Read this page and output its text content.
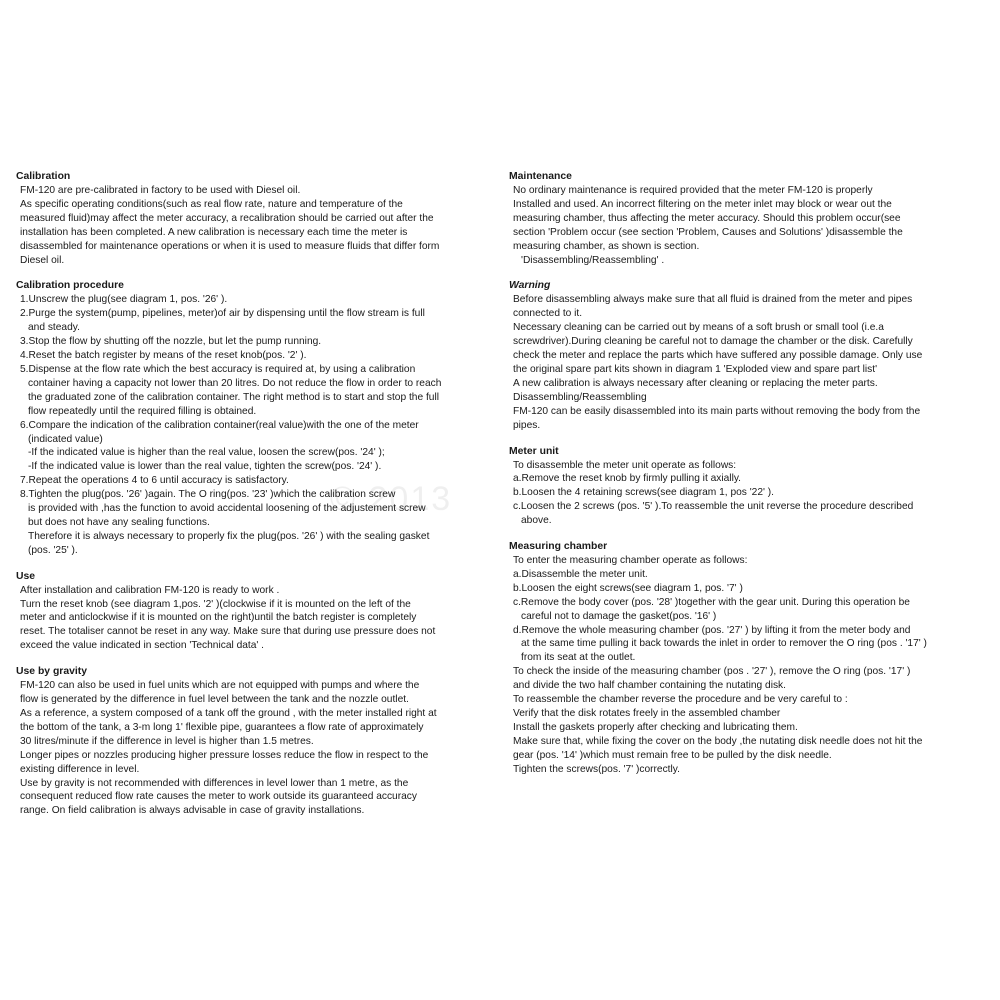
Calibration
FM-120 are pre-calibrated in factory to be used with Diesel oil.
As specific operating conditions(such as real flow rate, nature and temperature of the
measured fluid)may affect the meter accuracy, a recalibration should be carried out after the
installation has been completed. A new calibration is necessary each time the meter is
disassembled for maintenance operations or when it is used to measure fluids that differ form
Diesel oil.
Calibration procedure
1.Unscrew the plug(see diagram 1, pos. '26' ).
2.Purge the system(pump, pipelines, meter)of air by dispensing until the flow stream is full
and steady.
3.Stop the flow by shutting off the nozzle, but let the pump running.
4.Reset the batch register by means of the reset knob(pos. '2' ).
5.Dispense at the flow rate which the best accuracy is required at, by using a calibration
container having a capacity not lower than 20 litres. Do not reduce the flow in order to reach
the graduated zone of the calibration container. The right method is to start and stop the full
flow repeatedly until the required filling is obtained.
6.Compare the indication of the calibration container(real value)with the one of the meter
(indicated value)
-If the indicated value is higher than the real value, loosen the screw(pos. '24' );
-If the indicated value is lower than the real value, tighten the screw(pos. '24' ).
7.Repeat the operations 4 to 6 until accuracy is satisfactory.
8.Tighten the plug(pos. '26' )again. The O ring(pos. '23' )which the calibration screw
is provided with ,has the function to avoid accidental loosening of the adjustement screw
but does not have any sealing functions.
Therefore it is always necessary to properly fix the plug(pos. '26' ) with the sealing gasket
(pos. '25' ).
Use
After installation and calibration FM-120 is ready to work .
Turn the reset knob (see diagram 1,pos. '2' )(clockwise if it is mounted on the left of the
meter and anticlockwise if it is mounted on the right)until the batch register is completely
reset. The totaliser cannot be reset in any way. Make sure that during use pressure does not
exceed the value indicated in section 'Technical data' .
Use by gravity
FM-120 can also be used in fuel units which are not equipped with pumps and where the
flow is generated by the difference in fuel level between the tank and the nozzle outlet.
As a reference, a system composed of a tank off the ground , with the meter installed right at
the bottom of the tank, a 3-m long 1' flexible pipe, guarantees a flow rate of approximately
30 litres/minute if the difference in level is higher than 1.5 metres.
Longer pipes or nozzles producing higher pressure losses reduce the flow in respect to the
existing difference in level.
Use by gravity is not recommended with differences in level lower than 1 metre, as the
consequent reduced flow rate causes the meter to work outside its guaranteed accuracy
range. On field calibration is always advisable in case of gravity installations.
Maintenance
No ordinary maintenance is required provided that the meter FM-120 is properly
Installed and used. An incorrect filtering on the meter inlet may block or wear out the
measuring chamber, thus affecting the meter accuracy. Should this problem occur(see
section 'Problem occur (see section 'Problem, Causes and Solutions' )disassemble the
measuring chamber, as shown is section.
'Disassembling/Reassembling' .
Warning
Before disassembling always make sure that all fluid is drained from the meter and pipes
connected to it.
Necessary cleaning can be carried out by means of a soft brush or small tool (i.e.a
screwdriver).During cleaning be careful not to damage the chamber or the disk. Carefully
check the meter and replace the parts which have suffered any possible damage. Only use
the original spare part kits shown in diagram 1 'Exploded view and spare part list'
A new calibration is always necessary after cleaning or replacing the meter parts.
Disassembling/Reassembling
FM-120 can be easily disassembled into its main parts without removing the body from the
pipes.
Meter unit
To disassemble the meter unit operate as follows:
a.Remove the reset knob by firmly pulling it axially.
b.Loosen the 4 retaining screws(see diagram 1, pos '22' ).
c.Loosen the 2 screws (pos. '5' ).To reassemble the unit reverse the procedure described
above.
Measuring chamber
To enter the measuring chamber operate as follows:
a.Disassemble the meter unit.
b.Loosen the eight screws(see diagram 1, pos. '7' )
c.Remove the body cover (pos. '28' )together with the gear unit. During this operation be
careful not to damage the gasket(pos. '16' )
d.Remove the whole measuring chamber (pos. '27' ) by lifting it from the meter body and
at the same time pulling it back towards the inlet in order to remover the O ring (pos . '17' )
from its seat at the outlet.
To check the inside of the measuring chamber (pos . '27' ), remove the O ring (pos. '17' )
and divide the two half chamber containing the nutating disk.
To reassemble the chamber reverse the procedure and be very careful to :
Verify that the disk rotates freely in the assembled chamber
Install the gaskets properly after checking and lubricating them.
Make sure that, while fixing the cover on the body ,the nutating disk needle does not hit the
gear (pos. '14' )which must remain free to be pulled by the disk needle.
Tighten the screws(pos. '7' )correctly.
© 2013
